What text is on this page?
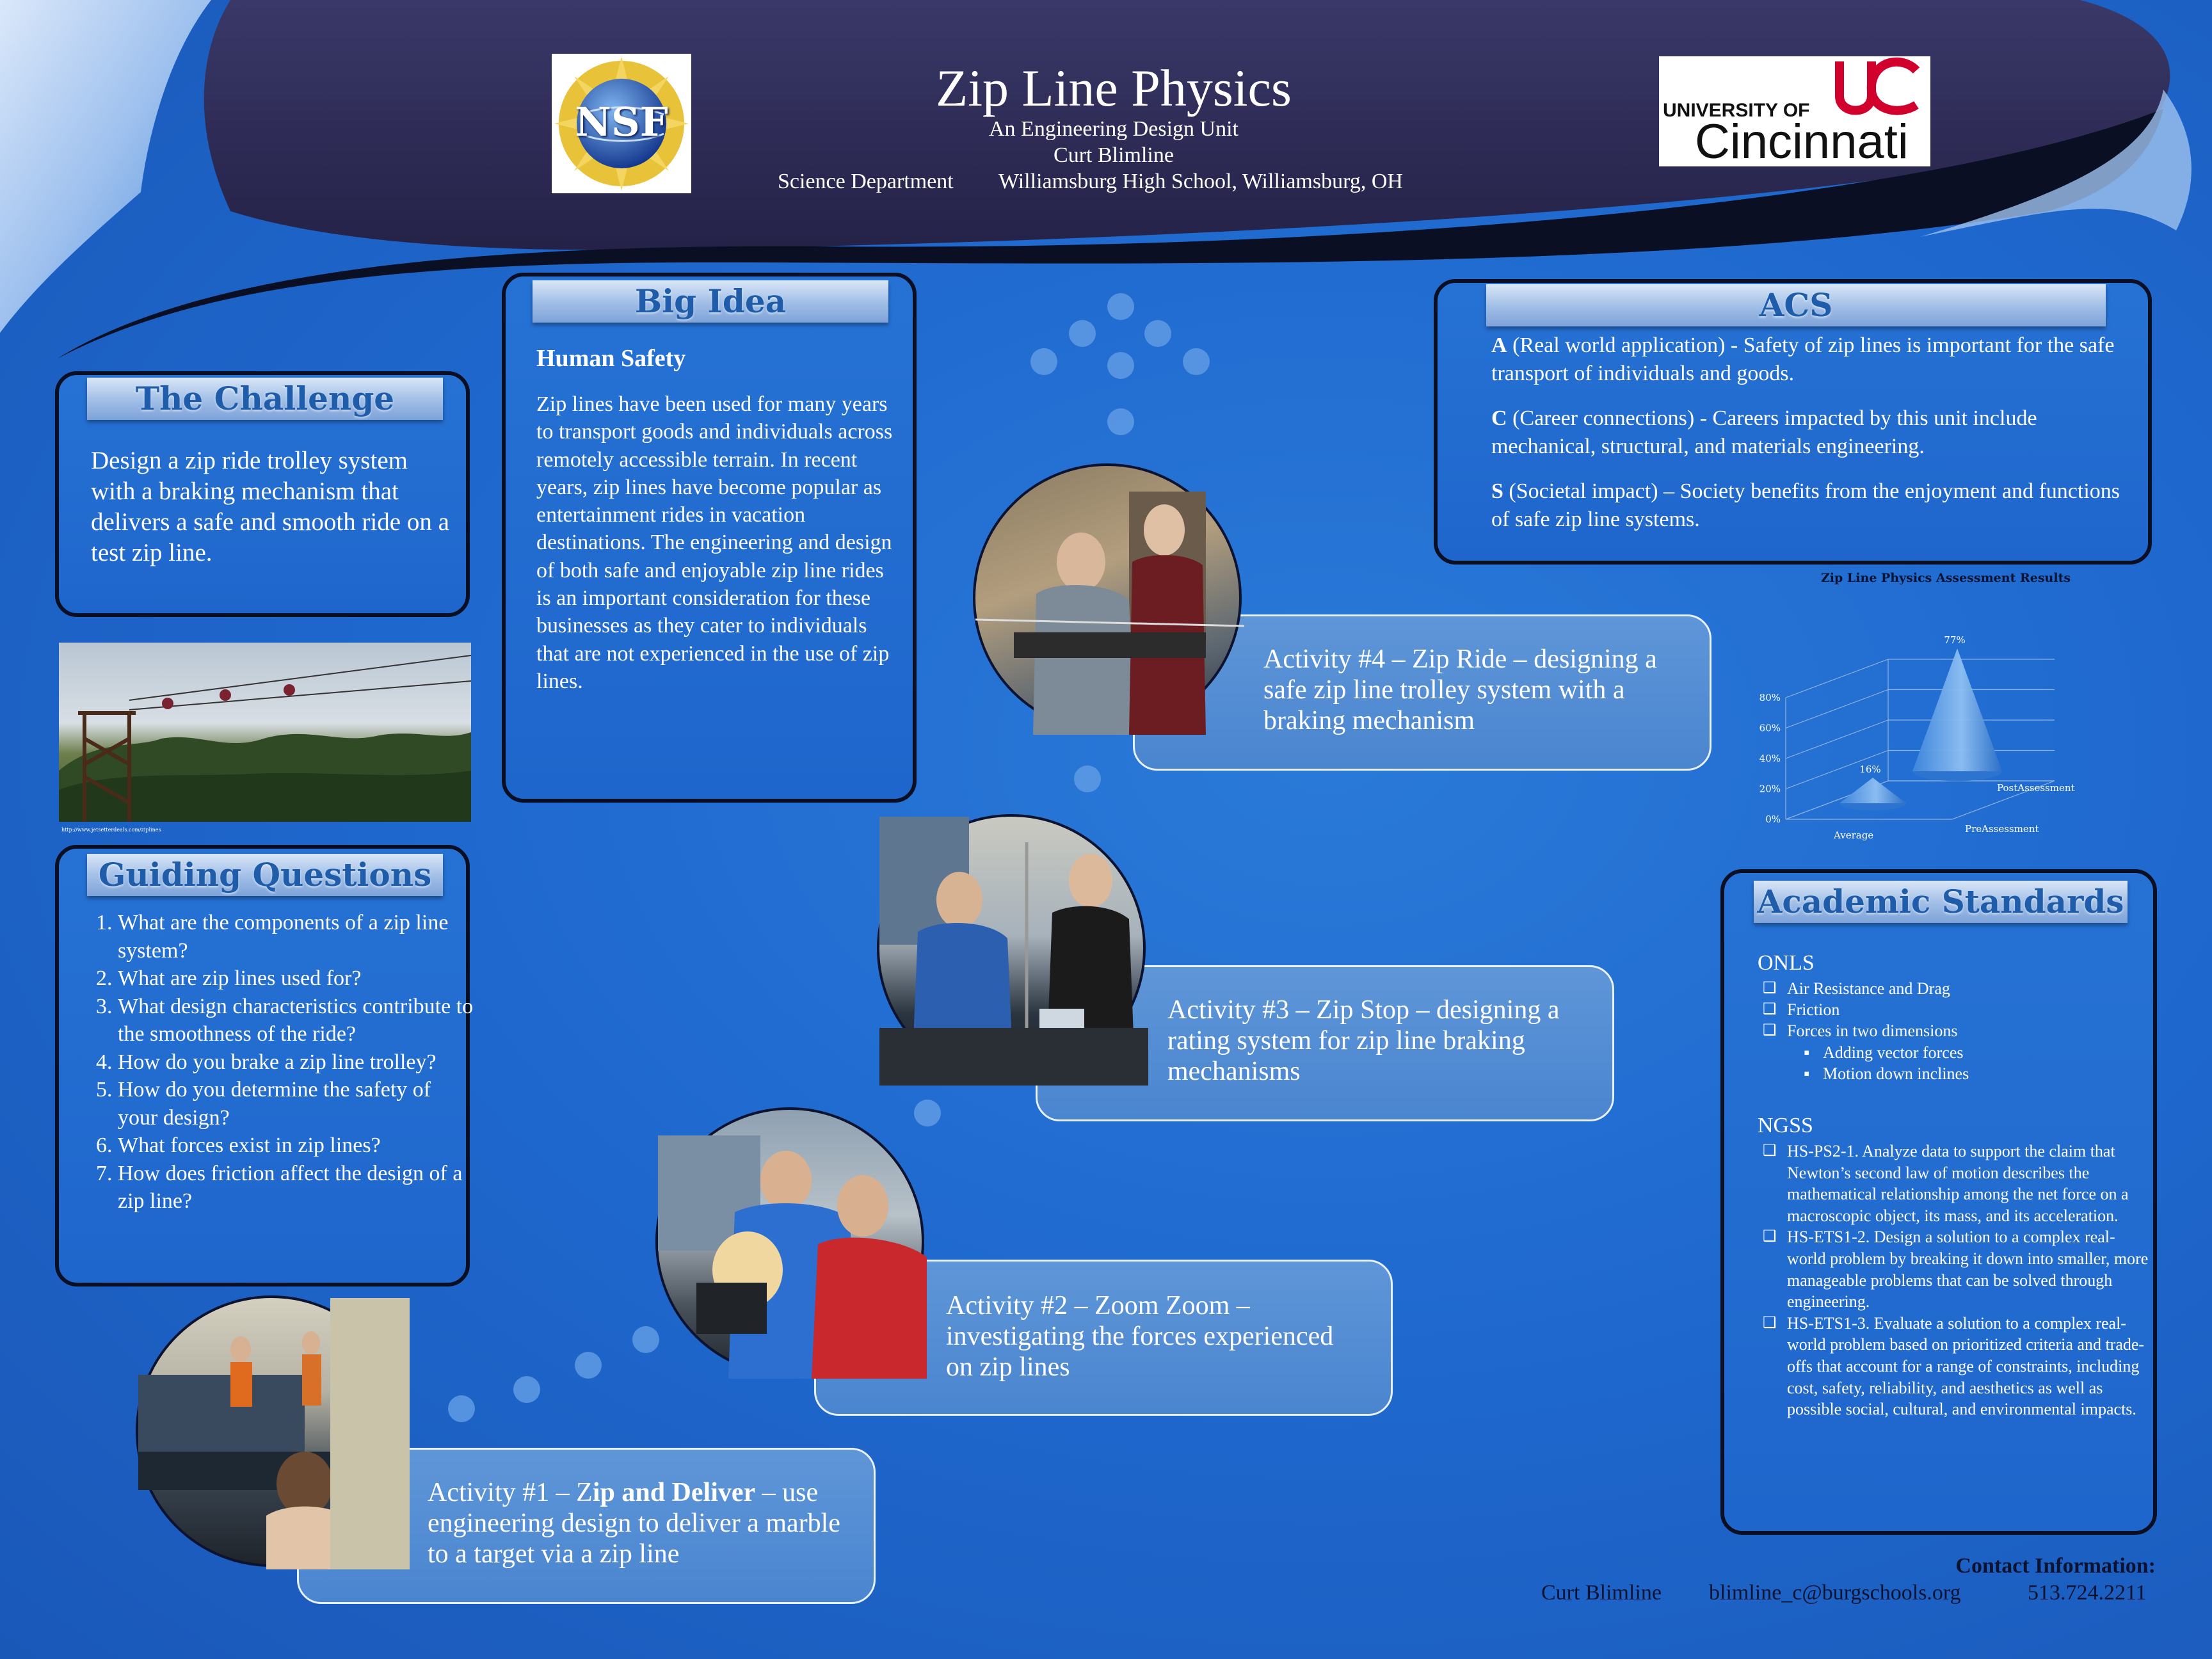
NSF
Zip Line Physics
An Engineering Design Unit
Curt Blimline
Science Department Williamsburg High School, Williamsburg, OH
UNIVERSITY OF
Cincinnati
The Challenge
Design a zip ride trolley system with a braking mechanism that delivers a safe and smooth ride on a test zip line.
http://www.jetsetterdeals.com/ziplines
Guiding Questions
1. What are the components of a zip line system?
2. What are zip lines used for?
3. What design characteristics contribute to the smoothness of the ride?
4. How do you brake a zip line trolley?
5. How do you determine the safety of your design?
6. What forces exist in zip lines?
7. How does friction affect the design of a zip line?
Big Idea
Human Safety
Zip lines have been used for many years to transport goods and individuals across remotely accessible terrain. In recent years, zip lines have become popular as entertainment rides in vacation destinations. The engineering and design of both safe and enjoyable zip line rides is an important consideration for these businesses as they cater to individuals that are not experienced in the use of zip lines.
ACS
A (Real world application) - Safety of zip lines is important for the safe transport of individuals and goods.
C (Career connections) - Careers impacted by this unit include mechanical, structural, and materials engineering.
S (Societal impact) – Society benefits from the enjoyment and functions of safe zip line systems.
Activity #4 – Zip Ride – designing a safe zip line trolley system with a braking mechanism
Activity #3 – Zip Stop – designing a rating system for zip line braking mechanisms
Activity #2 – Zoom Zoom – investigating the forces experienced on zip lines
Activity #1 – Zip and Deliver – use engineering design to deliver a marble to a target via a zip line
Zip Line Physics Assessment Results
0%
20%
40%
60%
80%
16%
77%
PreAssessment
PostAssessment
Average
Academic Standards
ONLS
❑ Air Resistance and Drag
❑ Friction
❑ Forces in two dimensions
▪ Adding vector forces
▪ Motion down inclines
NGSS
❑ HS-PS2-1. Analyze data to support the claim that Newton’s second law of motion describes the mathematical relationship among the net force on a macroscopic object, its mass, and its acceleration.
❑ HS-ETS1-2. Design a solution to a complex real-world problem by breaking it down into smaller, more manageable problems that can be solved through engineering.
❑ HS-ETS1-3. Evaluate a solution to a complex real-world problem based on prioritized criteria and trade-offs that account for a range of constraints, including cost, safety, reliability, and aesthetics as well as possible social, cultural, and environmental impacts.
Contact Information:
Curt Blimline blimline_c@burgschools.org	513.724.2211
